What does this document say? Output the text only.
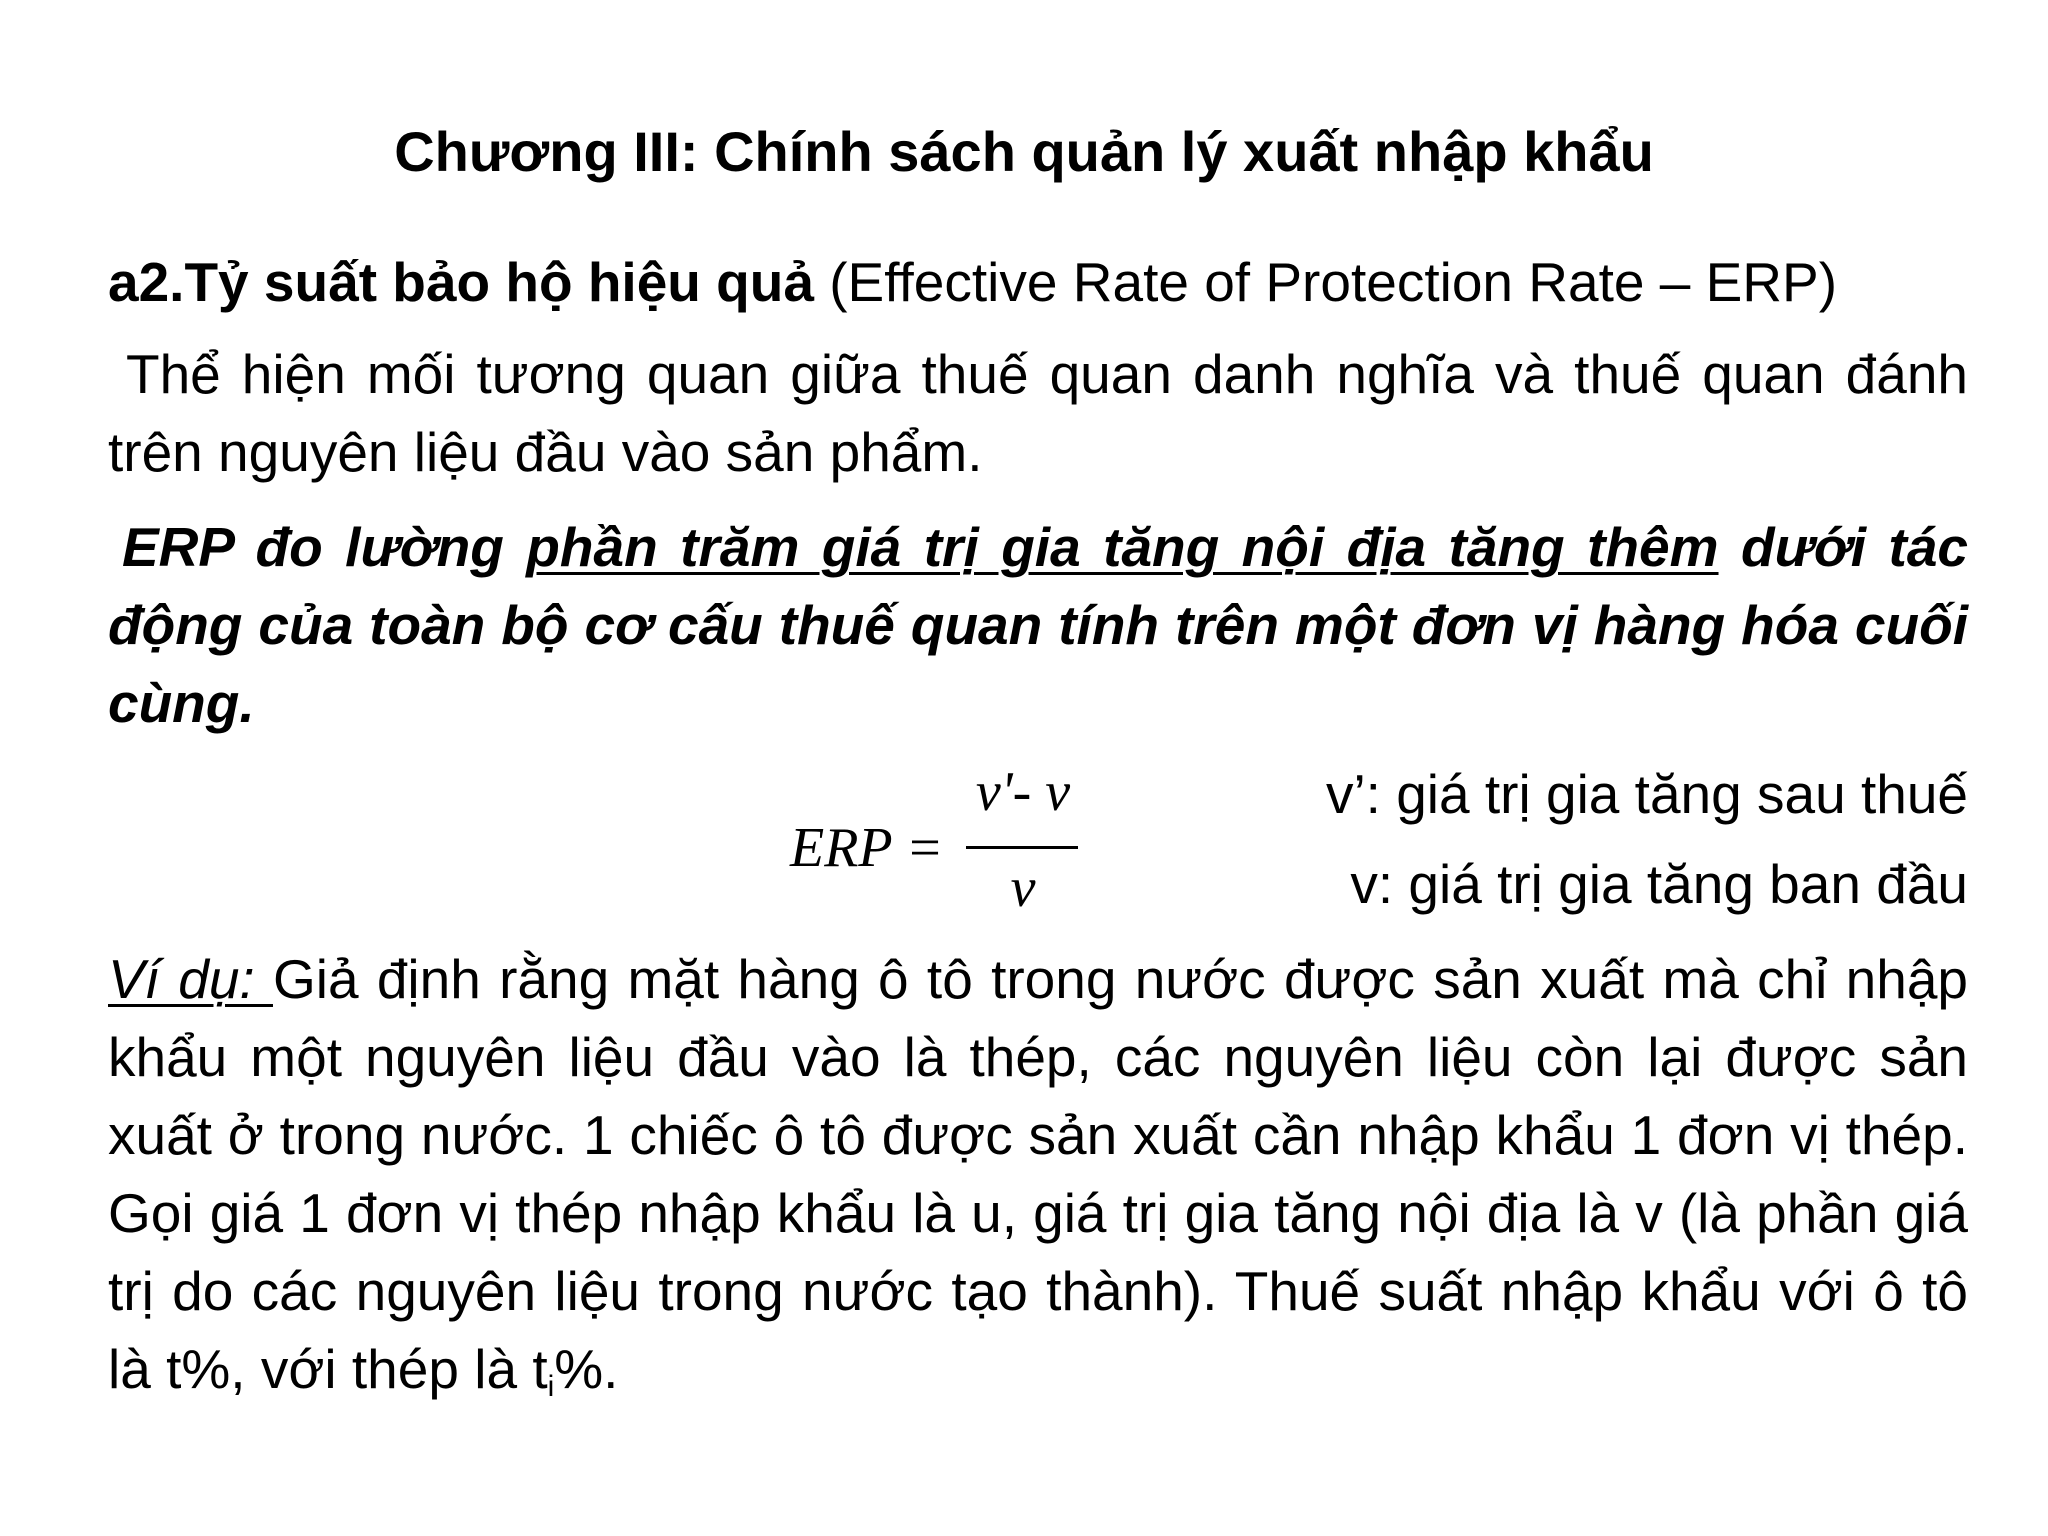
Chương III: Chính sách quản lý xuất nhập khẩu
a2.Tỷ suất bảo hộ hiệu quả (Effective Rate of Protection Rate – ERP)
Thể hiện mối tương quan giữa thuế quan danh nghĩa và thuế quan đánh trên nguyên liệu đầu vào sản phẩm.
ERP đo lường phần trăm giá trị gia tăng nội địa tăng thêm dưới tác động của toàn bộ cơ cấu thuế quan tính trên một đơn vị hàng hóa cuối cùng.
ERP =
v'- v
v
v’: giá trị gia tăng sau thuế
v: giá trị gia tăng ban đầu
Ví dụ: Giả định rằng mặt hàng ô tô trong nước được sản xuất mà chỉ nhập khẩu một nguyên liệu đầu vào là thép, các nguyên liệu còn lại được sản xuất ở trong nước. 1 chiếc ô tô được sản xuất cần nhập khẩu 1 đơn vị thép. Gọi giá 1 đơn vị thép nhập khẩu là u, giá trị gia tăng nội địa là v (là phần giá trị do các nguyên liệu trong nước tạo thành). Thuế suất nhập khẩu với ô tô là t%, với thép là $t_i\%$.
